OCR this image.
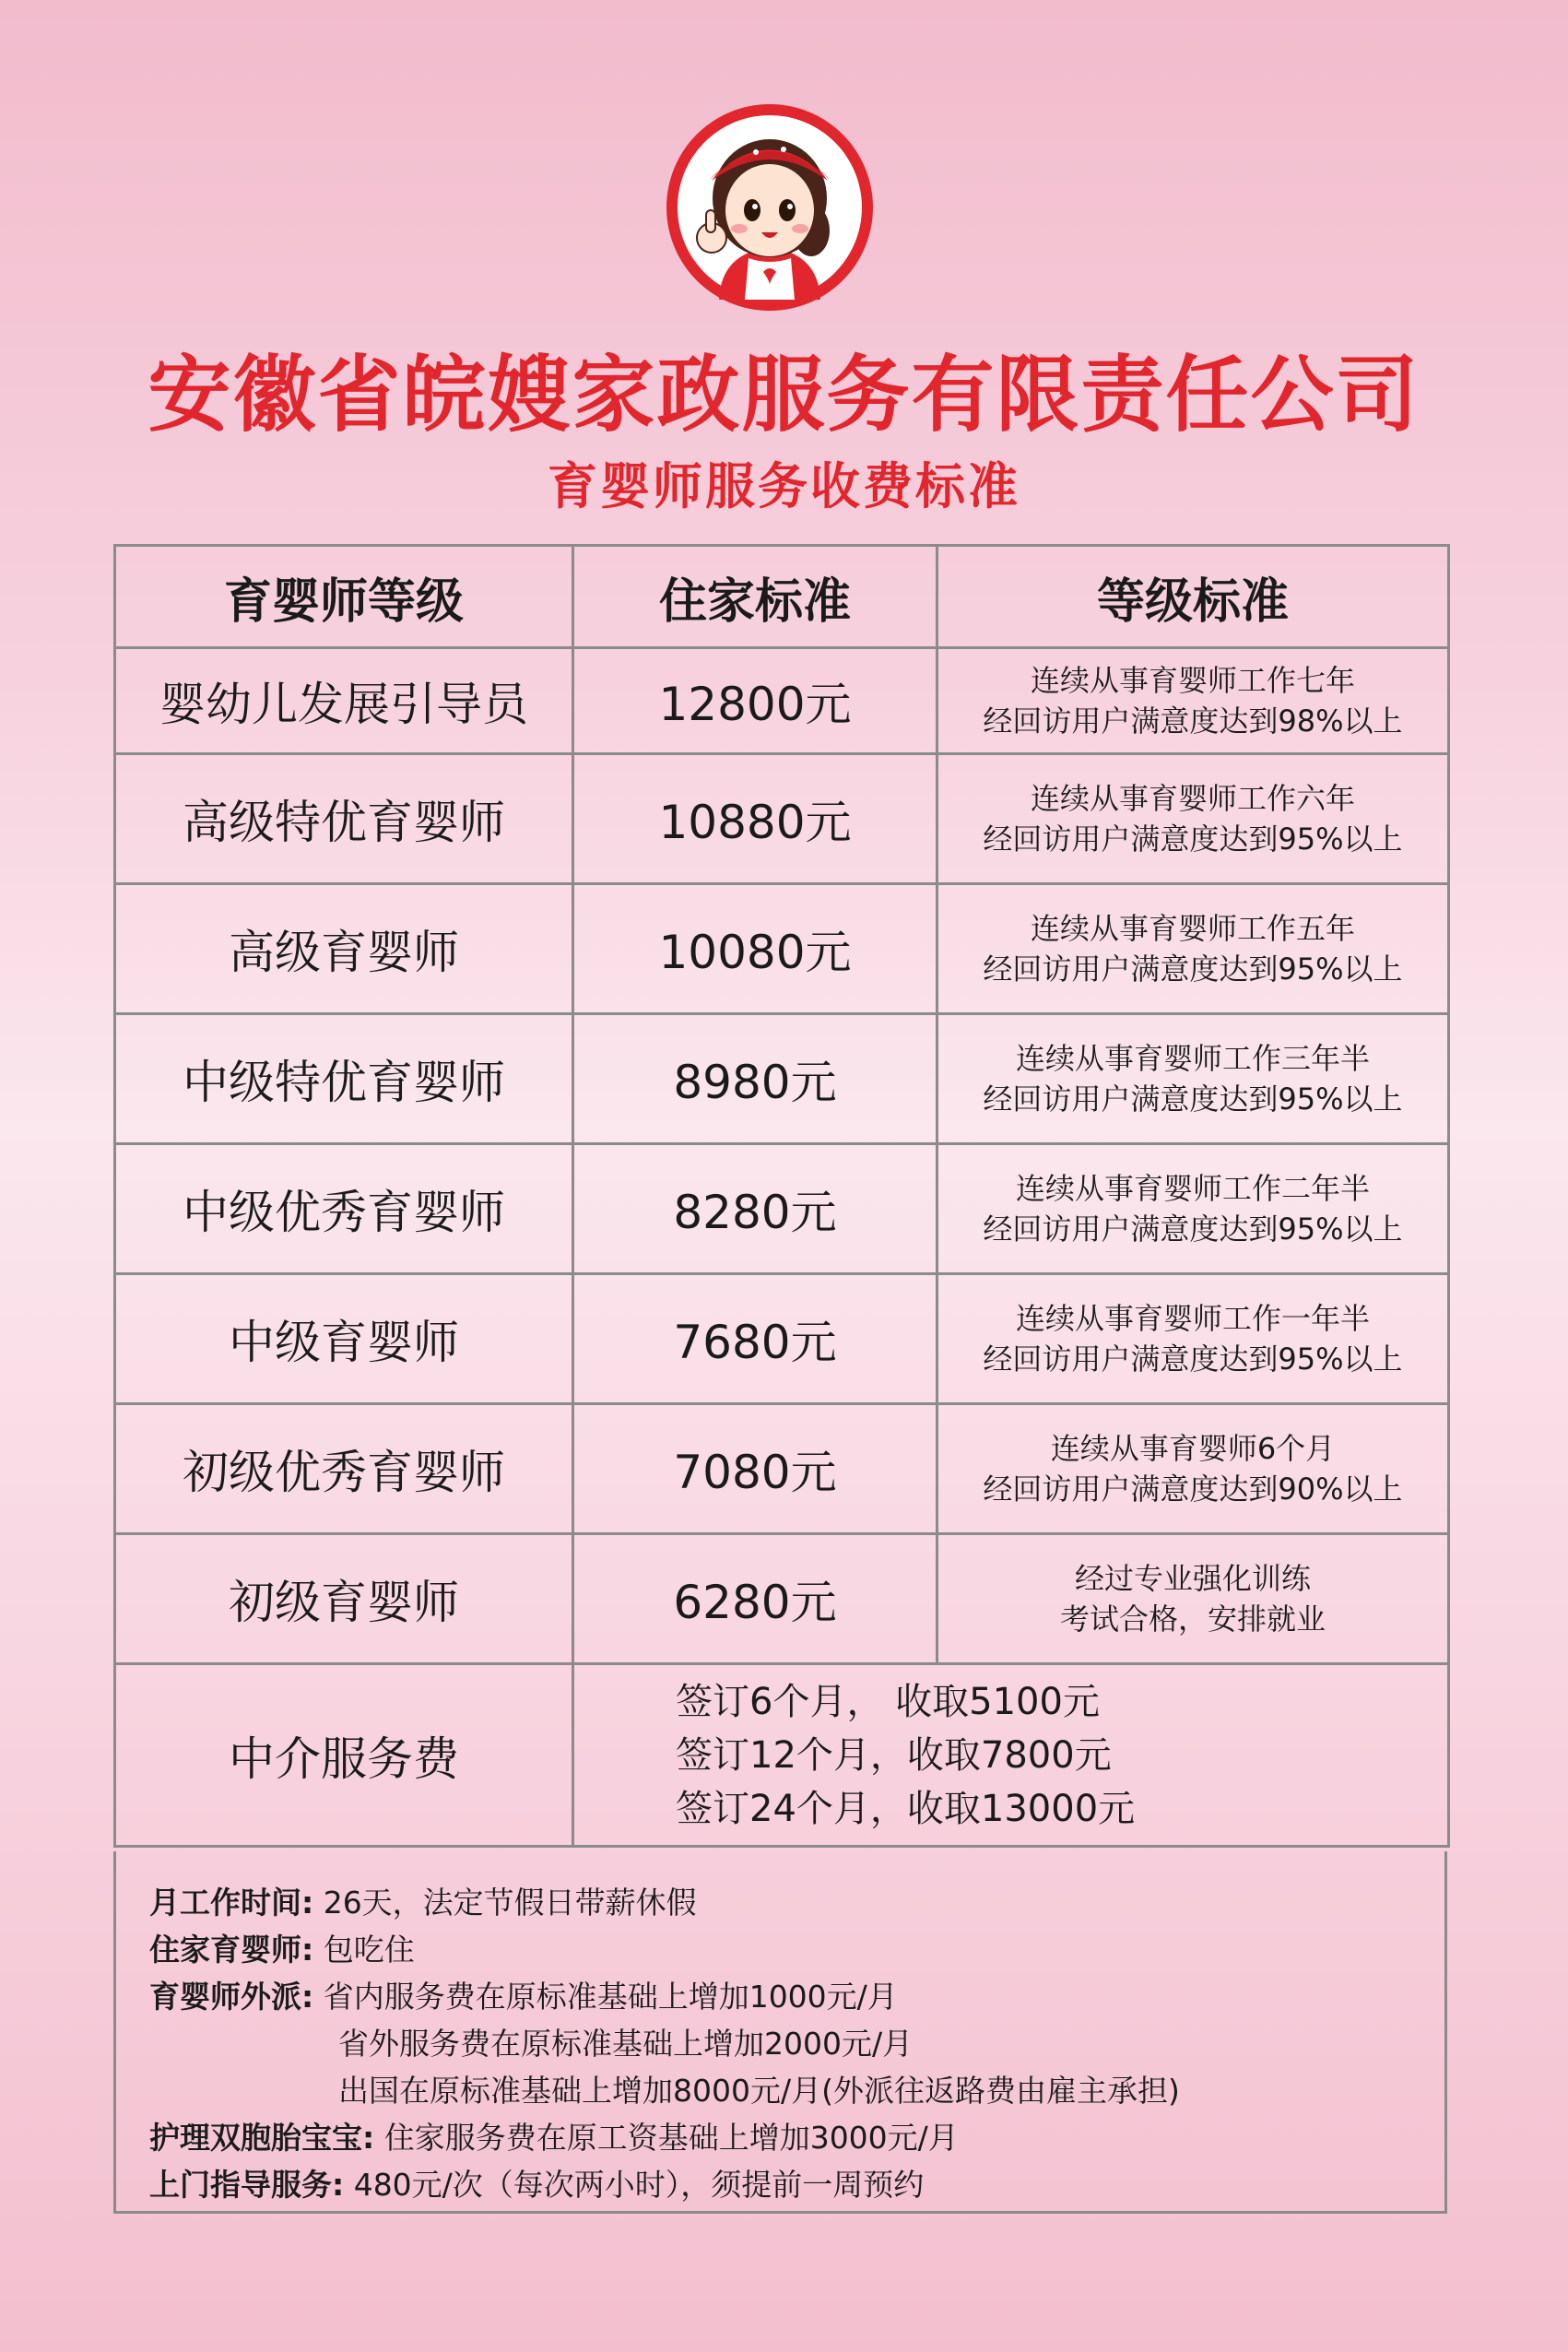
安徽省皖嫂家政服务有限责任公司
育婴师服务收费标准
育婴师等级	住家标准	等级标准
婴幼儿发展引导员	12800元	连续从事育婴师工作七年
经回访用户满意度达到98%以上

高级特优育婴师	10880元	连续从事育婴师工作六年
经回访用户满意度达到95%以上

高级育婴师	10080元	连续从事育婴师工作五年
经回访用户满意度达到95%以上

中级特优育婴师	8980元	连续从事育婴师工作三年半
经回访用户满意度达到95%以上

中级优秀育婴师	8280元	连续从事育婴师工作二年半
经回访用户满意度达到95%以上

中级育婴师	7680元	连续从事育婴师工作一年半
经回访用户满意度达到95%以上

初级优秀育婴师	7080元	连续从事育婴师6个月
经回访用户满意度达到90%以上

初级育婴师	6280元	经过专业强化训练
考试合格，安排就业

中介服务费	签订6个月， 收取5100元
签订12个月，收取7800元
签订24个月，收取13000元	
月工作时间: 26天，法定节假日带薪休假
住家育婴师: 包吃住
育婴师外派: 省内服务费在原标准基础上增加1000元/月
省外服务费在原标准基础上增加2000元/月
出国在原标准基础上增加8000元/月(外派往返路费由雇主承担)
护理双胞胎宝宝: 住家服务费在原工资基础上增加3000元/月
上门指导服务: 480元/次（每次两小时），须提前一周预约
